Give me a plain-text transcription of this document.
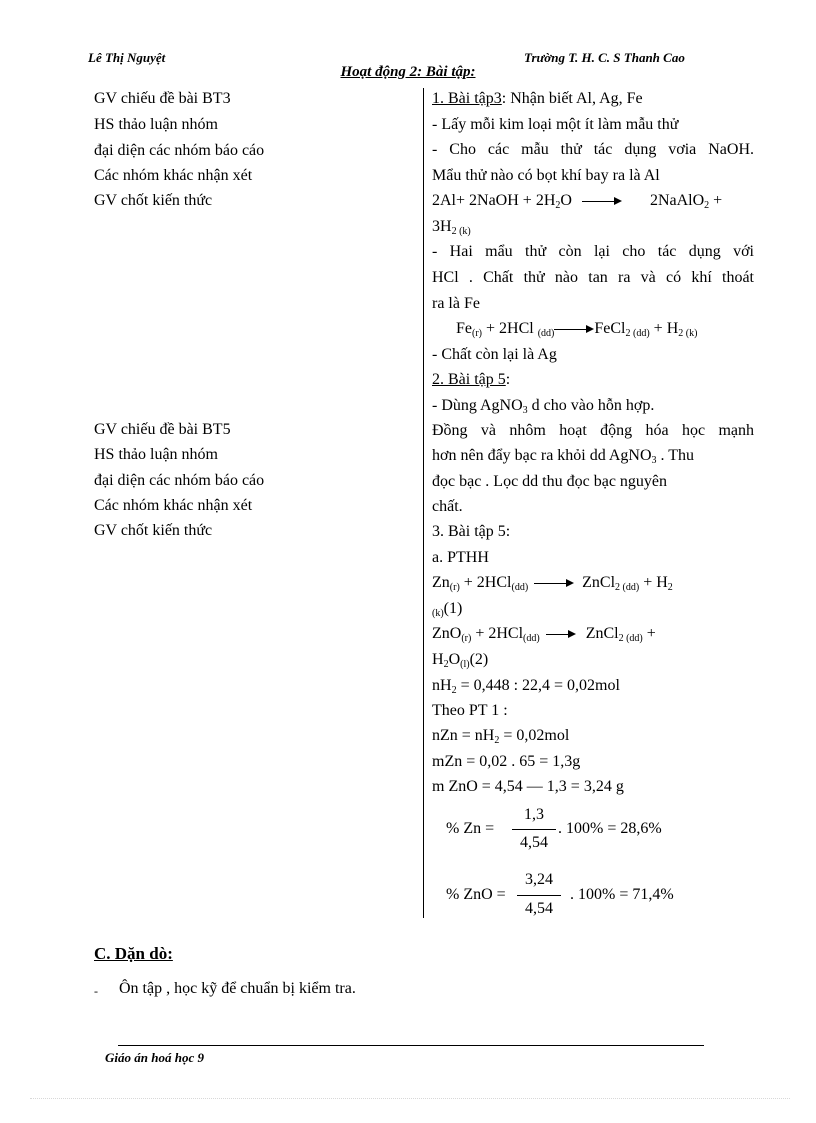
Lê Thị Nguyệt	Trường T. H. C. S Thanh Cao
Hoạt động 2: Bài tập:
GV chiếu đề bài BT3
HS thảo luận nhóm
đại diện các nhóm báo cáo
Các nhóm khác nhận xét
GV chốt kiến thức
GV chiếu đề bài BT5
HS thảo luận nhóm
đại diện các nhóm báo cáo
Các nhóm khác nhận xét
GV chốt kiến thức
1. Bài tập3: Nhận biết Al, Ag, Fe
- Lấy mỗi kim loại một ít làm mẫu thử
- Cho các mẫu thử tác dụng vơia NaOH.
Mẩu thử nào có bọt khí bay ra là Al
2Al+ 2NaOH + $2H_2O$ → 2NaAlO$_2$ +
$3H_2$ $_{(k)}$
- Hai mẩu thử còn lại cho tác dụng với
HCl . Chất thử nào tan ra và có khí thoát
ra là Fe
$Fe_{(r)} + 2HCl$ $_{(dd)}$→ FeCl$_{2 (dd)}$ + $H_{2 (k)}$
- Chất còn lại là Ag
2. Bài tập 5:
- Dùng AgNO$_3$ d cho vào hỗn hợp.
Đồng và nhôm hoạt động hóa học mạnh
hơn nên đẩy bạc ra khỏi dd AgNO$_3$ . Thu
đọc bạc . Lọc dd thu đọc bạc nguyên
chất.
3. Bài tập 5:
a. PTHH
$Zn_{(r)} + 2HCl_{(dd)}$ → ZnCl$_{2 (dd)}$ + $H_2$
$_{(k)}$(1)
ZnO$_{(r)}$ + 2HCl$_{(dd)}$ → ZnCl$_{2 (dd)}$ +
$H_2O_{(l)}(2)$
$nH_2 = 0,448$ : 22,4 = 0,02mol
Theo PT 1 :
nZn = $nH_2 = 0,02mol$
mZn = 0,02 . 65 = 1,3g
m ZnO = 4,54 — 1,3 = 3,24 g
% Zn =
1,3
4,54
. 100% = 28,6%
% ZnO =
3,24
4,54
. 100% = 71,4%
C. Dặn dò:
- Ôn tập , học kỹ để chuẩn bị kiểm tra.
Giáo án hoá học 9
